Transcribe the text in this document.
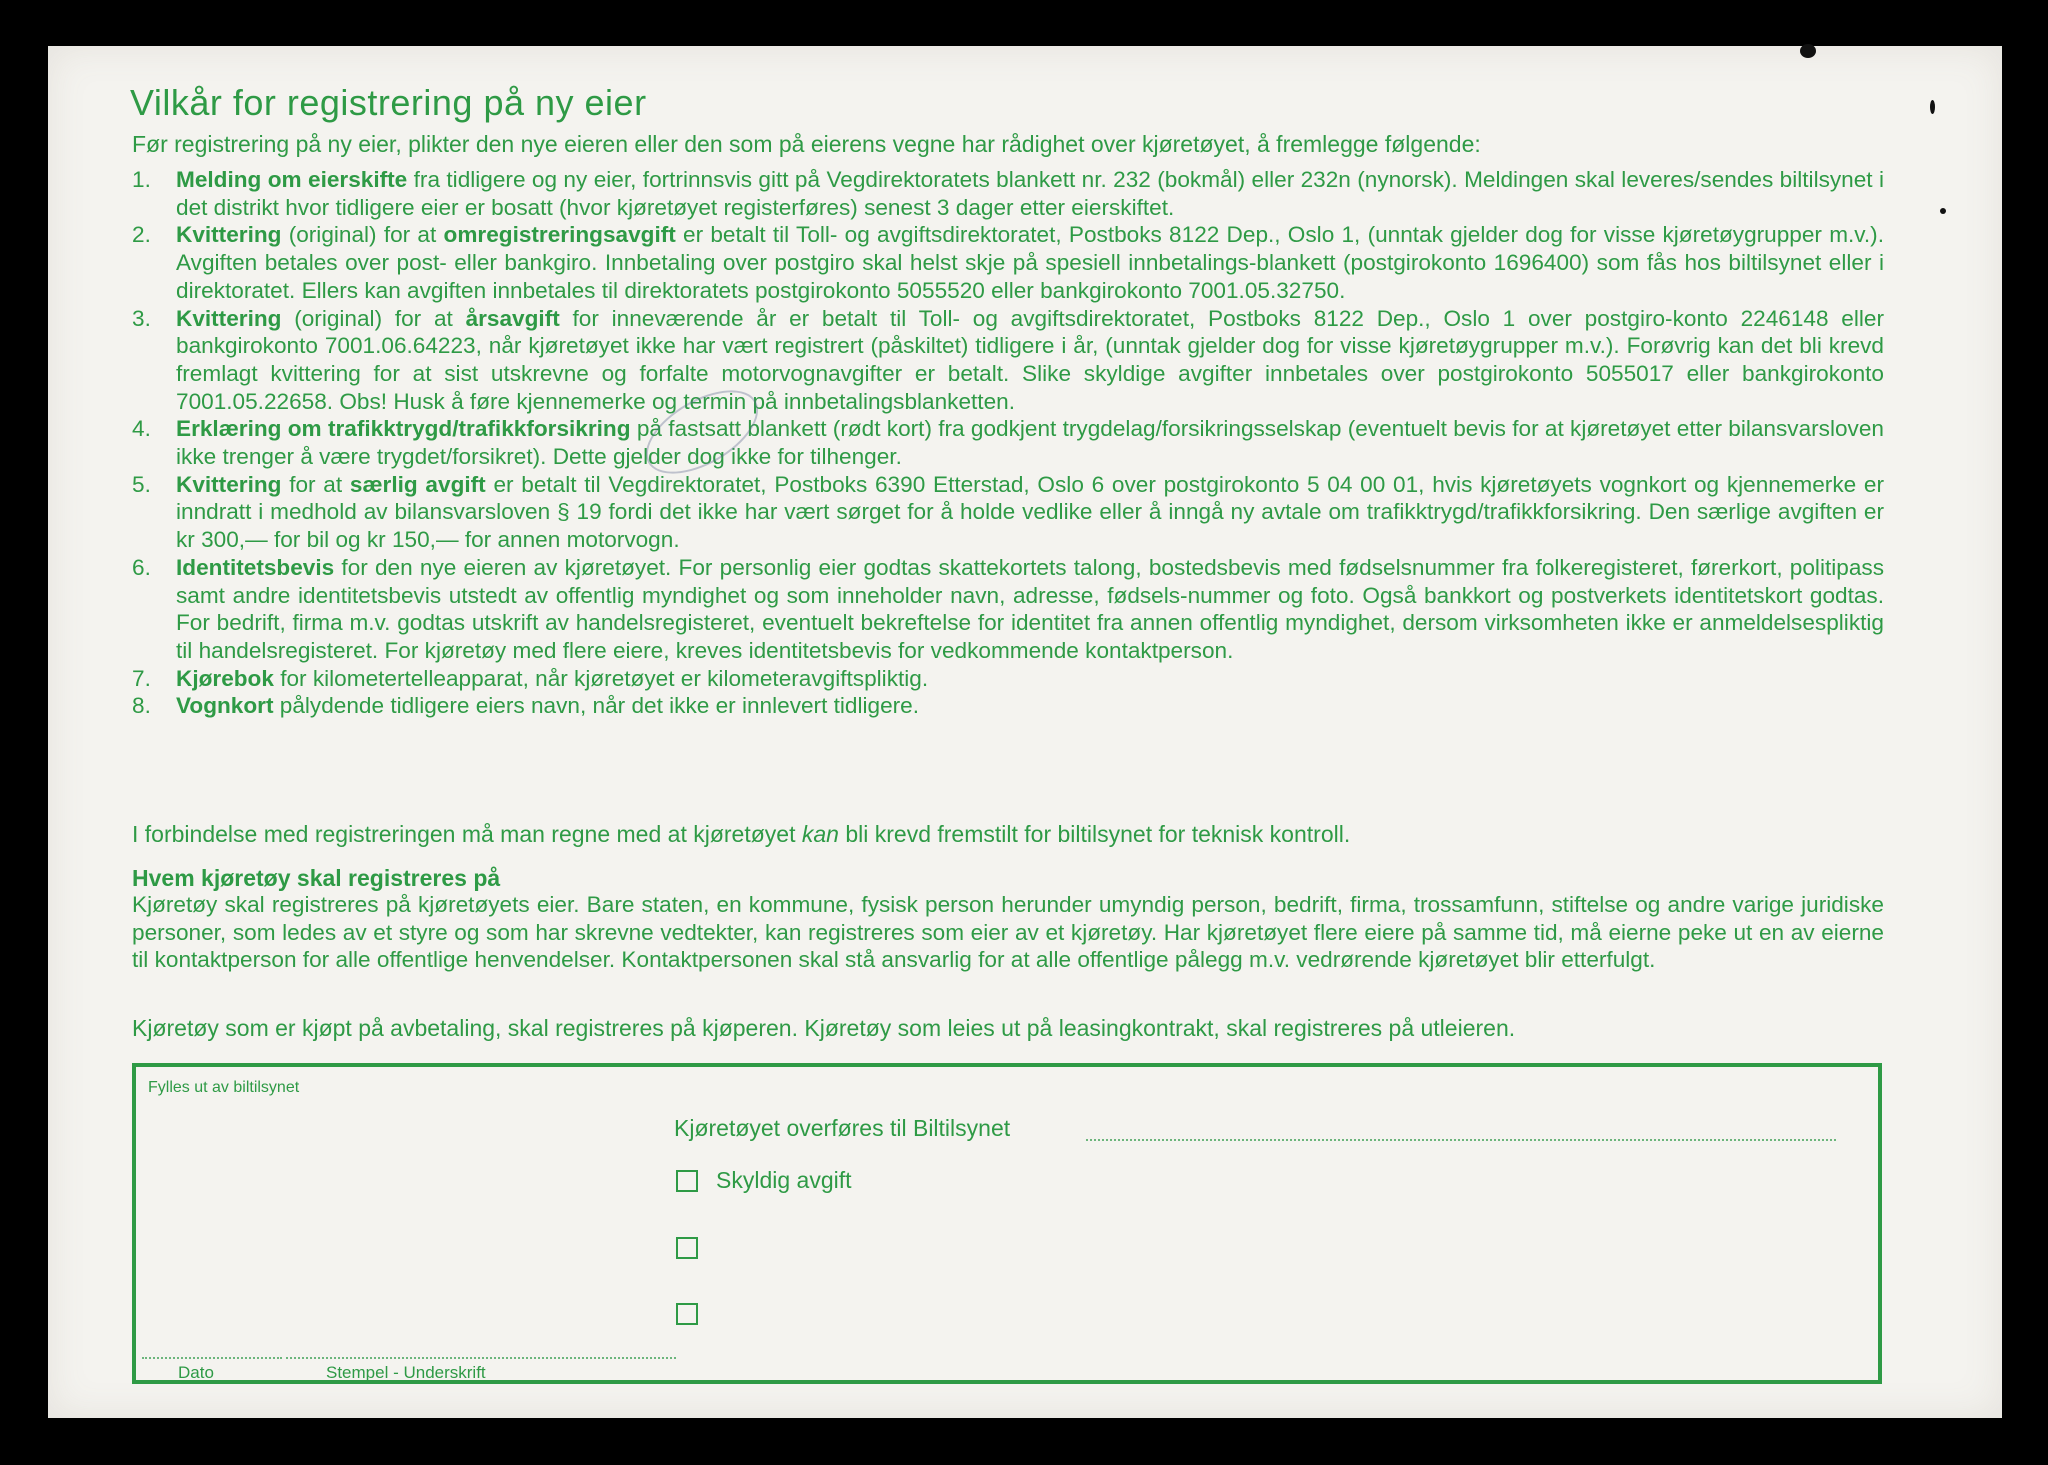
Vilkår for registrering på ny eier
Før registrering på ny eier, plikter den nye eieren eller den som på eierens vegne har rådighet over kjøretøyet, å fremlegge følgende:
1. Melding om eierskifte fra tidligere og ny eier, fortrinnsvis gitt på Vegdirektoratets blankett nr. 232 (bokmål) eller 232n (nynorsk). Meldingen skal leveres/sendes biltilsynet i det distrikt hvor tidligere eier er bosatt (hvor kjøretøyet registerføres) senest 3 dager etter eierskiftet.
2. Kvittering (original) for at omregistreringsavgift er betalt til Toll- og avgiftsdirektoratet, Postboks 8122 Dep., Oslo 1, (unntak gjelder dog for visse kjøretøygrupper m.v.). Avgiften betales over post- eller bankgiro. Innbetaling over postgiro skal helst skje på spesiell innbetalings-blankett (postgirokonto 1696400) som fås hos biltilsynet eller i direktoratet. Ellers kan avgiften innbetales til direktoratets postgirokonto 5055520 eller bankgirokonto 7001.05.32750.
3. Kvittering (original) for at årsavgift for inneværende år er betalt til Toll- og avgiftsdirektoratet, Postboks 8122 Dep., Oslo 1 over postgiro-konto 2246148 eller bankgirokonto 7001.06.64223, når kjøretøyet ikke har vært registrert (påskiltet) tidligere i år, (unntak gjelder dog for visse kjøretøygrupper m.v.). Forøvrig kan det bli krevd fremlagt kvittering for at sist utskrevne og forfalte motorvognavgifter er betalt. Slike skyldige avgifter innbetales over postgirokonto 5055017 eller bankgirokonto 7001.05.22658. Obs! Husk å føre kjennemerke og termin på innbetalingsblanketten.
4. Erklæring om trafikktrygd/trafikkforsikring på fastsatt blankett (rødt kort) fra godkjent trygdelag/forsikringsselskap (eventuelt bevis for at kjøretøyet etter bilansvarsloven ikke trenger å være trygdet/forsikret). Dette gjelder dog ikke for tilhenger.
5. Kvittering for at særlig avgift er betalt til Vegdirektoratet, Postboks 6390 Etterstad, Oslo 6 over postgirokonto 5 04 00 01, hvis kjøretøyets vognkort og kjennemerke er inndratt i medhold av bilansvarsloven § 19 fordi det ikke har vært sørget for å holde vedlike eller å inngå ny avtale om trafikktrygd/trafikkforsikring. Den særlige avgiften er kr 300,— for bil og kr 150,— for annen motorvogn.
6. Identitetsbevis for den nye eieren av kjøretøyet. For personlig eier godtas skattekortets talong, bostedsbevis med fødselsnummer fra folkeregisteret, førerkort, politipass samt andre identitetsbevis utstedt av offentlig myndighet og som inneholder navn, adresse, fødsels-nummer og foto. Også bankkort og postverkets identitetskort godtas. For bedrift, firma m.v. godtas utskrift av handelsregisteret, eventuelt bekreftelse for identitet fra annen offentlig myndighet, dersom virksomheten ikke er anmeldelsespliktig til handelsregisteret. For kjøretøy med flere eiere, kreves identitetsbevis for vedkommende kontaktperson.
7. Kjørebok for kilometertelleapparat, når kjøretøyet er kilometeravgiftspliktig.
8. Vognkort pålydende tidligere eiers navn, når det ikke er innlevert tidligere.
I forbindelse med registreringen må man regne med at kjøretøyet kan bli krevd fremstilt for biltilsynet for teknisk kontroll.
Hvem kjøretøy skal registreres på
Kjøretøy skal registreres på kjøretøyets eier. Bare staten, en kommune, fysisk person herunder umyndig person, bedrift, firma, trossamfunn, stiftelse og andre varige juridiske personer, som ledes av et styre og som har skrevne vedtekter, kan registreres som eier av et kjøretøy. Har kjøretøyet flere eiere på samme tid, må eierne peke ut en av eierne til kontaktperson for alle offentlige henvendelser. Kontaktpersonen skal stå ansvarlig for at alle offentlige pålegg m.v. vedrørende kjøretøyet blir etterfulgt.
Kjøretøy som er kjøpt på avbetaling, skal registreres på kjøperen. Kjøretøy som leies ut på leasingkontrakt, skal registreres på utleieren.
Fylles ut av biltilsynet
Kjøretøyet overføres til Biltilsynet
Skyldig avgift
Dato	Stempel - Underskrift
